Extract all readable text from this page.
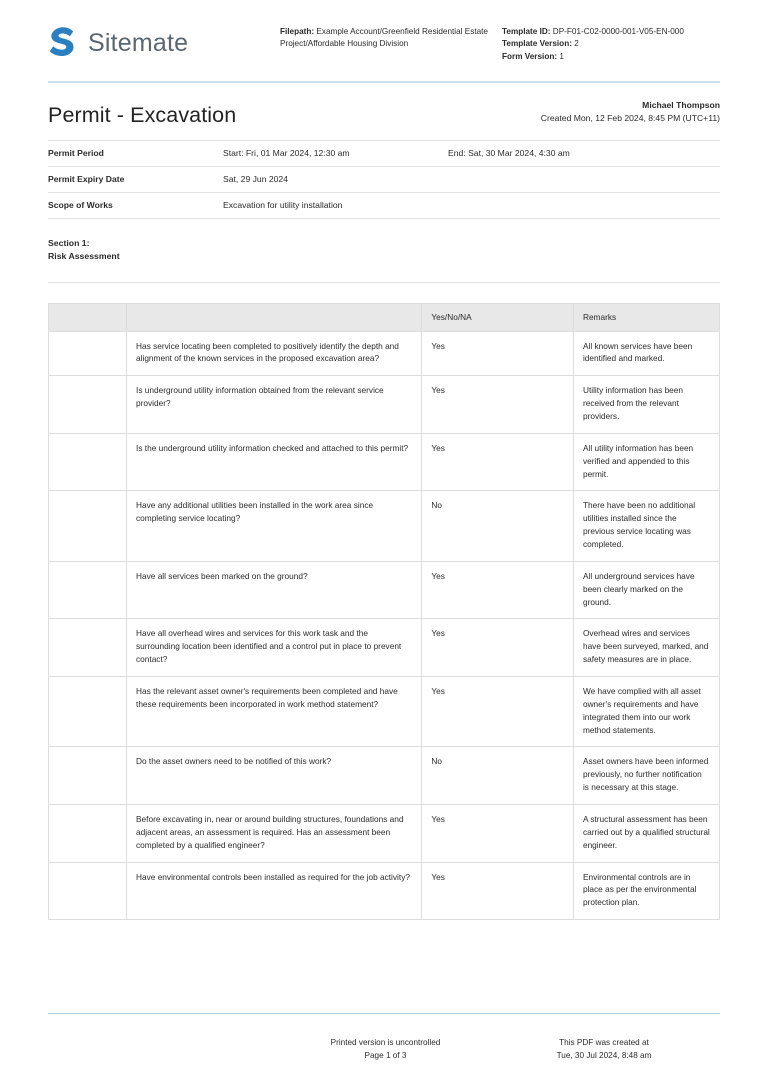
Sitemate	Filepath: Example Account/Greenfield Residential Estate Project/Affordable Housing Division
Template ID: DP-F01-C02-0000-001-V05-EN-000
Template Version: 2
Form Version: 1
Permit - Excavation	Michael Thompson
Created Mon, 12 Feb 2024, 8:45 PM (UTC+11)
Permit Period	Start: Fri, 01 Mar 2024, 12:30 am	End: Sat, 30 Mar 2024, 4:30 am
Permit Expiry Date	Sat, 29 Jun 2024
Scope of Works	Excavation for utility installation
Section 1:
Risk Assessment
		Yes/No/NA	Remarks
	Has service locating been completed to positively identify the depth and alignment of the known services in the proposed excavation area?	Yes	All known services have been identified and marked.
	Is underground utility information obtained from the relevant service provider?	Yes	Utility information has been received from the relevant providers.
	Is the underground utility information checked and attached to this permit?	Yes	All utility information has been verified and appended to this permit.
	Have any additional utilities been installed in the work area since completing service locating?	No	There have been no additional utilities installed since the previous service locating was completed.
	Have all services been marked on the ground?	Yes	All underground services have been clearly marked on the ground.
	Have all overhead wires and services for this work task and the surrounding location been identified and a control put in place to prevent contact?	Yes	Overhead wires and services have been surveyed, marked, and safety measures are in place.
	Has the relevant asset owner's requirements been completed and have these requirements been incorporated in work method statement?	Yes	We have complied with all asset owner's requirements and have integrated them into our work method statements.
	Do the asset owners need to be notified of this work?	No	Asset owners have been informed previously, no further notification is necessary at this stage.
	Before excavating in, near or around building structures, foundations and adjacent areas, an assessment is required. Has an assessment been completed by a qualified engineer?	Yes	A structural assessment has been carried out by a qualified structural engineer.
	Have environmental controls been installed as required for the job activity?	Yes	Environmental controls are in place as per the environmental protection plan.
Printed version is uncontrolled
Page 1 of 3
This PDF was created at
Tue, 30 Jul 2024, 8:48 am
